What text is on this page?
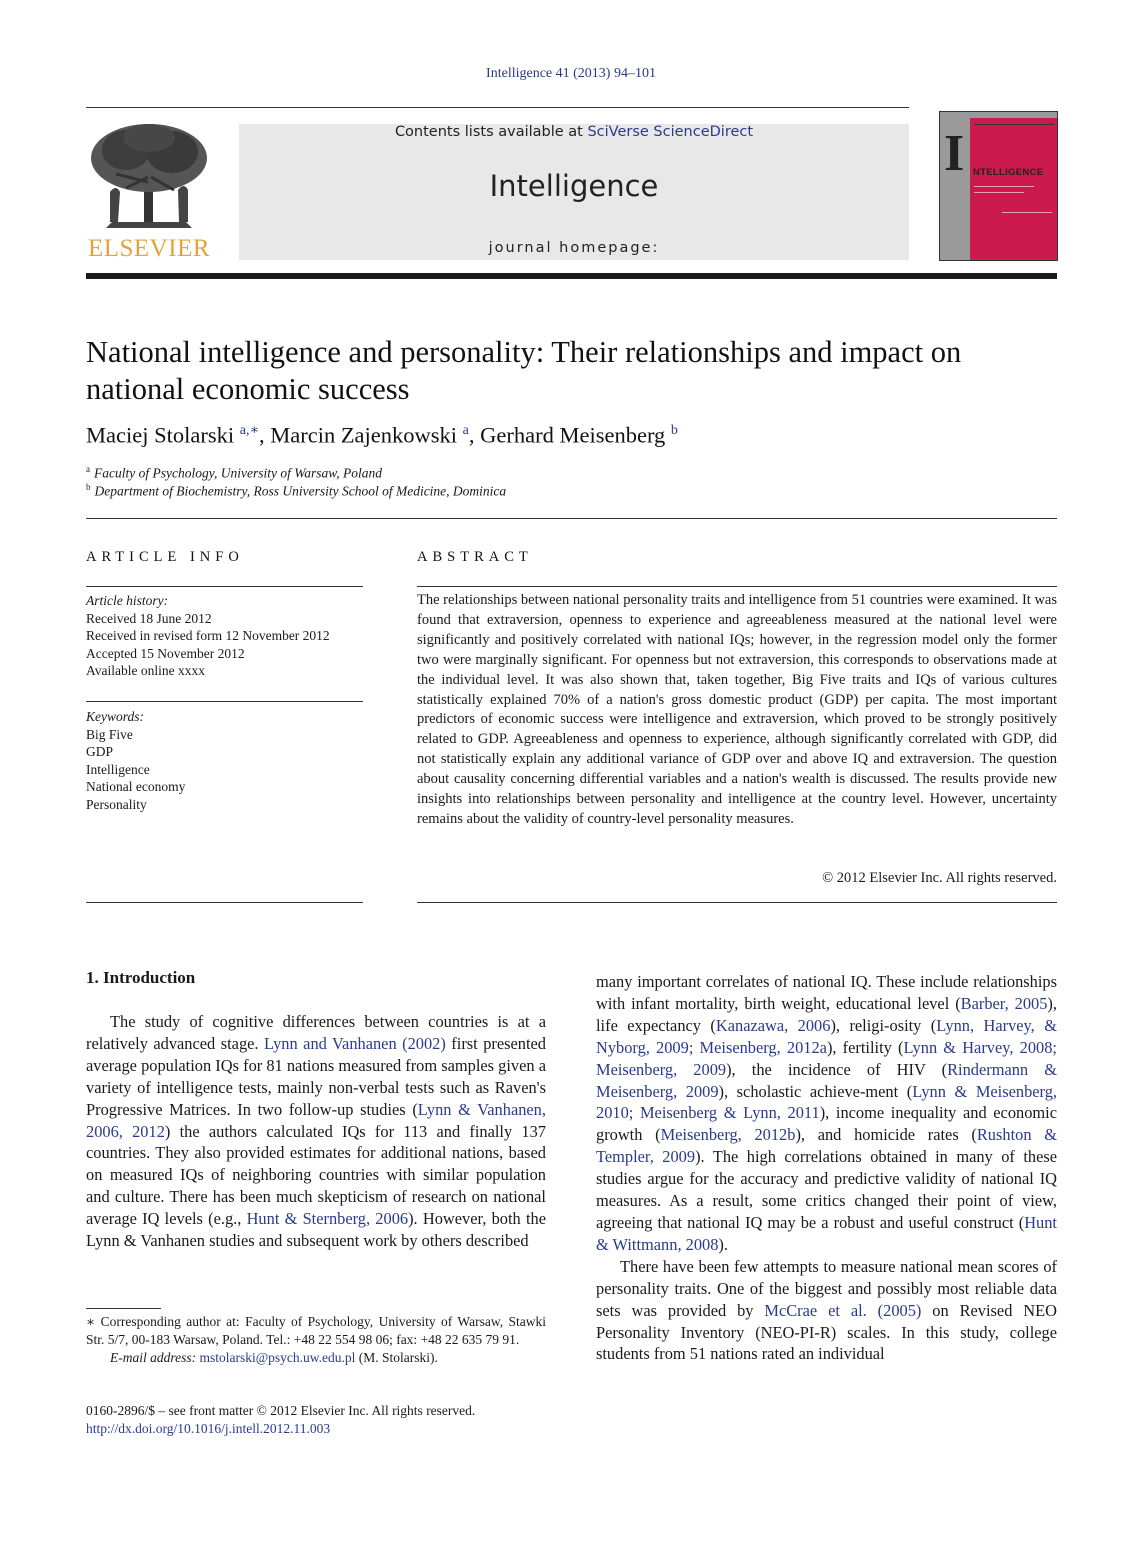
Intelligence 41 (2013) 94–101
ELSEVIER
Contents lists available at SciVerse ScienceDirect
Intelligence
journal homepage:
I NTELLIGENCE
National intelligence and personality: Their relationships and impact on national economic success
Maciej Stolarski $^{a,∗}$, Marcin Zajenkowski $^a$, Gerhard Meisenberg $^b$
$^a$ Faculty of Psychology, University of Warsaw, Poland
$^b$ Department of Biochemistry, Ross University School of Medicine, Dominica
ARTICLE INFO
Article history:
Received 18 June 2012
Received in revised form 12 November 2012
Accepted 15 November 2012
Available online xxxx
Keywords:
Big Five
GDP
Intelligence
National economy
Personality
ABSTRACT
The relationships between national personality traits and intelligence from 51 countries were examined. It was found that extraversion, openness to experience and agreeableness measured at the national level were significantly and positively correlated with national IQs; however, in the regression model only the former two were marginally significant. For openness but not extraversion, this corresponds to observations made at the individual level. It was also shown that, taken together, Big Five traits and IQs of various cultures statistically explained 70% of a nation's gross domestic product (GDP) per capita. The most important predictors of economic success were intelligence and extraversion, which proved to be strongly positively related to GDP. Agreeableness and openness to experience, although significantly correlated with GDP, did not statistically explain any additional variance of GDP over and above IQ and extraversion. The question about causality concerning differential variables and a nation's wealth is discussed. The results provide new insights into relationships between personality and intelligence at the country level. However, uncertainty remains about the validity of country-level personality measures.
© 2012 Elsevier Inc. All rights reserved.
1. Introduction

The study of cognitive differences between countries is at a relatively advanced stage. Lynn and Vanhanen (2002) first presented average population IQs for 81 nations measured from samples given a variety of intelligence tests, mainly non-verbal tests such as Raven's Progressive Matrices. In two follow-up studies (Lynn & Vanhanen, 2006, 2012) the authors calculated IQs for 113 and finally 137 countries. They also provided estimates for additional nations, based on measured IQs of neighboring countries with similar population and culture. There has been much skepticism of research on national average IQ levels (e.g., Hunt & Sternberg, 2006). However, both the Lynn & Vanhanen studies and subsequent work by others described

many important correlates of national IQ. These include relationships with infant mortality, birth weight, educational level (Barber, 2005), life expectancy (Kanazawa, 2006), religi-osity (Lynn, Harvey, & Nyborg, 2009; Meisenberg, 2012a), fertility (Lynn & Harvey, 2008; Meisenberg, 2009), the incidence of HIV (Rindermann & Meisenberg, 2009), scholastic achieve-ment (Lynn & Meisenberg, 2010; Meisenberg & Lynn, 2011), income inequality and economic growth (Meisenberg, 2012b), and homicide rates (Rushton & Templer, 2009). The high correlations obtained in many of these studies argue for the accuracy and predictive validity of national IQ measures. As a result, some critics changed their point of view, agreeing that national IQ may be a robust and useful construct (Hunt & Wittmann, 2008).

There have been few attempts to measure national mean scores of personality traits. One of the biggest and possibly most reliable data sets was provided by McCrae et al. (2005) on Revised NEO Personality Inventory (NEO-PI-R) scales. In this study, college students from 51 nations rated an individual

∗ Corresponding author at: Faculty of Psychology, University of Warsaw, Stawki Str. 5/7, 00-183 Warsaw, Poland. Tel.: +48 22 554 98 06; fax: +48 22 635 79 91.
E-mail address: mstolarski@psych.uw.edu.pl (M. Stolarski).
0160-2896/$ – see front matter © 2012 Elsevier Inc. All rights reserved.
http://dx.doi.org/10.1016/j.intell.2012.11.003
